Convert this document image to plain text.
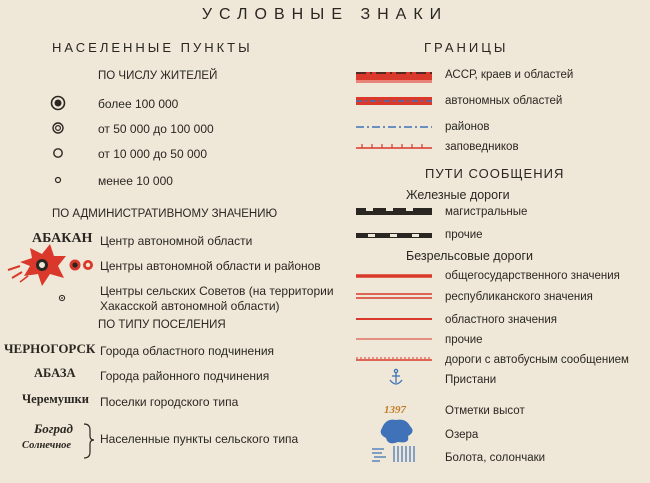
УСЛОВНЫЕ ЗНАКИ
НАСЕЛЕННЫЕ ПУНКТЫ
ПО ЧИСЛУ ЖИТЕЛЕЙ
более 100 000
от 50 000 до 100 000
от 10 000 до 50 000
менее 10 000
ПО АДМИНИСТРАТИВНОМУ ЗНАЧЕНИЮ
АБАКАН Центр автономной области
Центры автономной области и районов
Центры сельских Советов (на территории
Хакасской автономной области)
ПО ТИПУ ПОСЕЛЕНИЯ
ЧЕРНОГОРСК Города областного подчинения
АБАЗА Города районного подчинения
Черемушки Поселки городского типа
Боград
Солнечное Населенные пункты сельского типа
ГРАНИЦЫ
АССР, краев и областей
автономных областей
районов
заповедников
ПУТИ СООБЩЕНИЯ
Железные дороги
магистральные
прочие
Безрельсовые дороги
общегосударственного значения
республиканского значения
областного значения
прочие
дороги с автобусным сообщением
Пристани
1397	Отметки высот
Озера
Болота, солончаки
